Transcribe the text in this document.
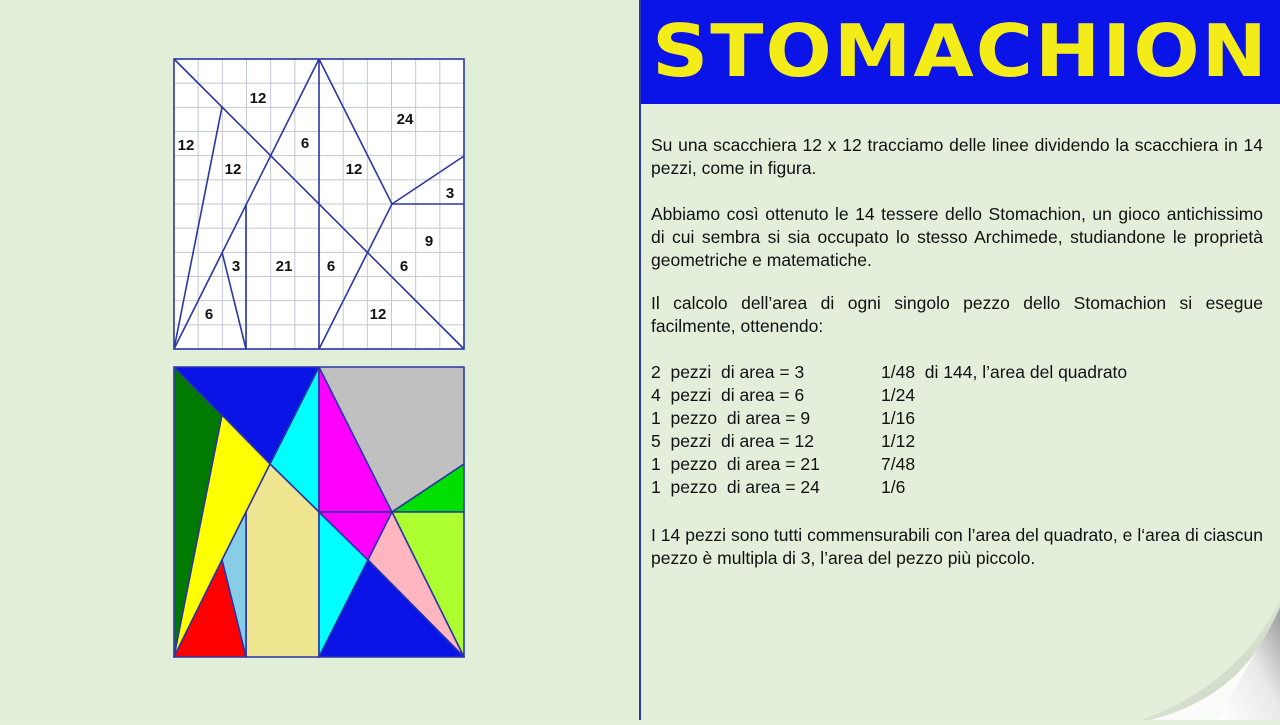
12
12	6
24
12	12
3
9
3 21 6	6
6	12
STOMACHION
Su una scacchiera 12 x 12 tracciamo delle linee dividendo la scacchiera in 14 pezzi, come in figura.
Abbiamo così ottenuto le 14 tessere dello Stomachion, un gioco antichissimo di cui sembra si sia occupato lo stesso Archimede, studiandone le proprietà geometriche e matematiche.
Il calcolo dell’area di ogni singolo pezzo dello Stomachion si esegue facilmente, ottenendo:
2  pezzi  di area = 3	1/48  di 144, l’area del quadrato
4  pezzi  di area = 6	1/24
1  pezzo  di area = 9	1/16
5  pezzi  di area = 12	1/12
1  pezzo  di area = 21	7/48
1  pezzo  di area = 24	1/6
I 14 pezzi sono tutti commensurabili con l’area del quadrato, e l‘area di ciascun pezzo è multipla di 3, l’area del pezzo più piccolo.
